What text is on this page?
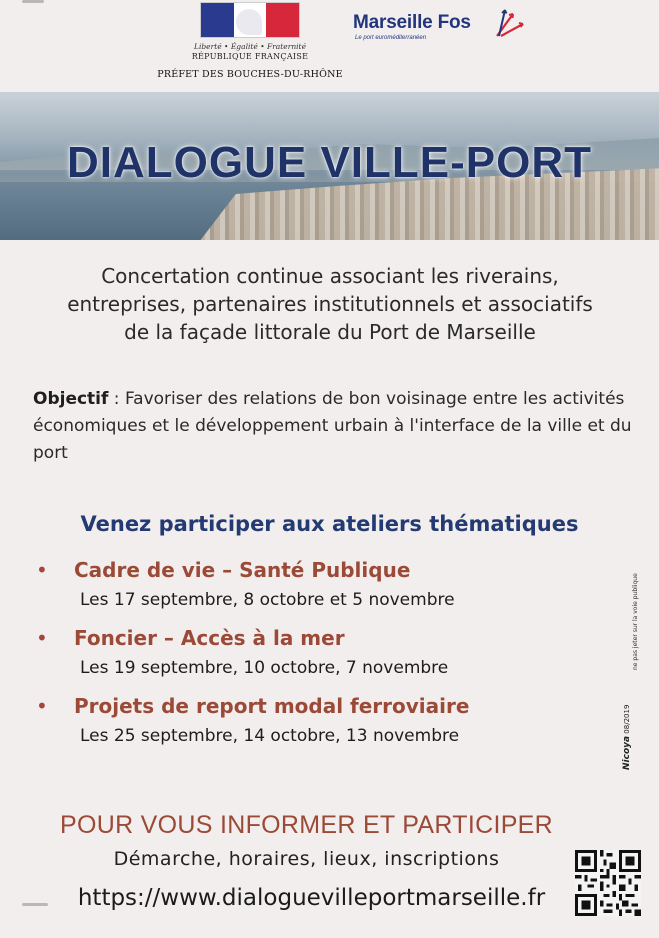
Liberté • Égalité • Fraternité
RÉPUBLIQUE FRANÇAISE
PRÉFET DES BOUCHES-DU-RHÔNE
Marseille Fos
Le port euroméditerranéen
DIALOGUE VILLE-PORT
Concertation continue associant les riverains,
entreprises, partenaires institutionnels et associatifs
de la façade littorale du Port de Marseille
Objectif : Favoriser des relations de bon voisinage entre les activités économiques et le développement urbain à l'interface de la ville et du port
Venez participer aux ateliers thématiques
•	Cadre de vie – Santé Publique
Les 17 septembre, 8 octobre et 5 novembre
•	Foncier – Accès à la mer
Les 19 septembre, 10 octobre, 7 novembre
•	Projets de report modal ferroviaire
Les 25 septembre, 14 octobre, 13 novembre
ne pas jeter sur la voie publique
Nicoya 08/2019
POUR VOUS INFORMER ET PARTICIPER
Démarche, horaires, lieux, inscriptions
https://www.dialoguevilleportmarseille.fr
